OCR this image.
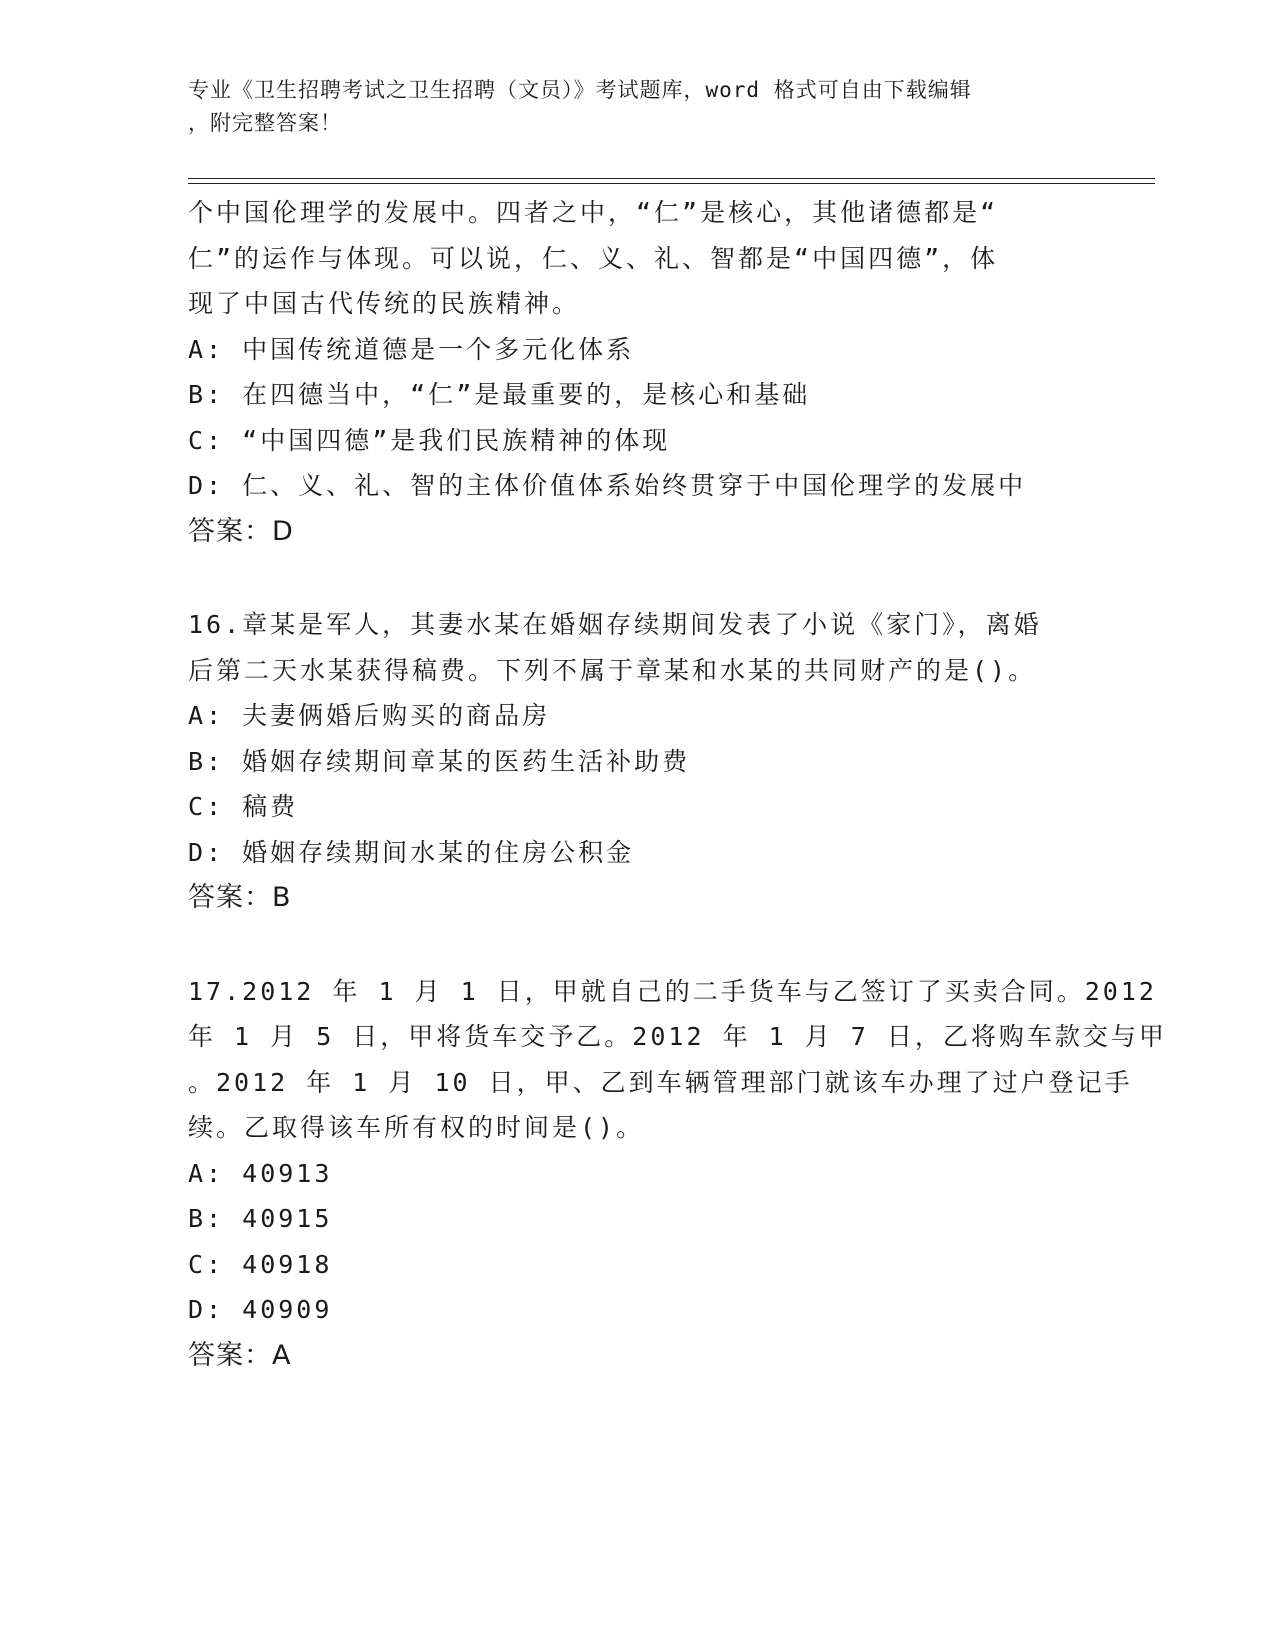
专业《卫生招聘考试之卫生招聘（文员）》考试题库，word 格式可自由下载编辑
，附完整答案！
个中国伦理学的发展中。四者之中，“仁”是核心，其他诸德都是“
仁”的运作与体现。可以说，仁、义、礼、智都是“中国四德”，体
现了中国古代传统的民族精神。
A: 中国传统道德是一个多元化体系
B: 在四德当中，“仁”是最重要的，是核心和基础
C: “中国四德”是我们民族精神的体现
D: 仁、义、礼、智的主体价值体系始终贯穿于中国伦理学的发展中
答案：D
16.章某是军人，其妻水某在婚姻存续期间发表了小说《家门》，离婚
后第二天水某获得稿费。下列不属于章某和水某的共同财产的是()。
A: 夫妻俩婚后购买的商品房
B: 婚姻存续期间章某的医药生活补助费
C: 稿费
D: 婚姻存续期间水某的住房公积金
答案：B
17.2012 年 1 月 1 日，甲就自己的二手货车与乙签订了买卖合同。2012
年 1 月 5 日，甲将货车交予乙。2012 年 1 月 7 日，乙将购车款交与甲
。2012 年 1 月 10 日，甲、乙到车辆管理部门就该车办理了过户登记手
续。乙取得该车所有权的时间是()。
A: 40913
B: 40915
C: 40918
D: 40909
答案：A
